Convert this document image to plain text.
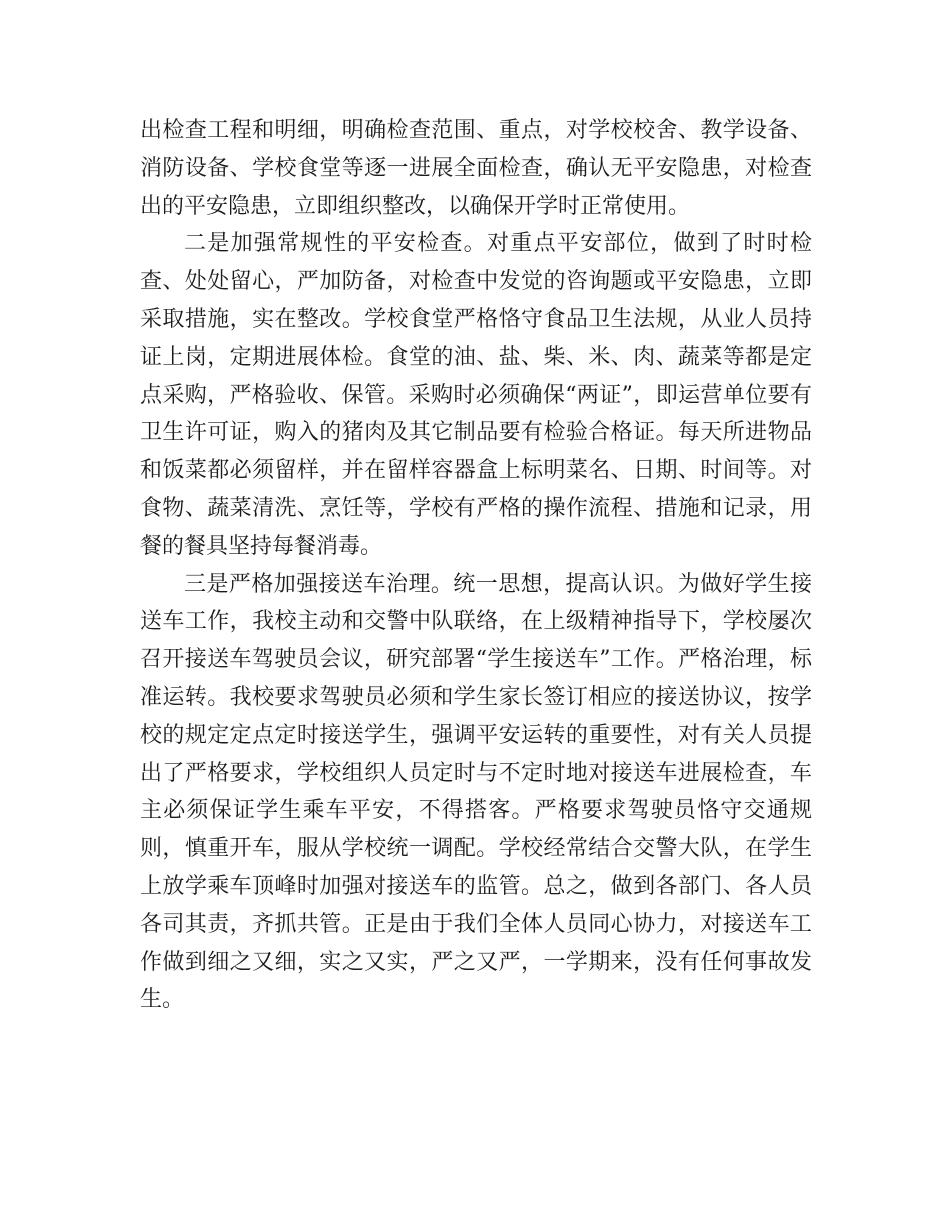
出检查工程和明细，明确检查范围、重点，对学校校舍、教学设备、消防设备、学校食堂等逐一进展全面检查，确认无平安隐患，对检查出的平安隐患，立即组织整改，以确保开学时正常使用。

二是加强常规性的平安检查。对重点平安部位，做到了时时检查、处处留心，严加防备，对检查中发觉的咨询题或平安隐患，立即采取措施，实在整改。学校食堂严格恪守食品卫生法规，从业人员持证上岗，定期进展体检。食堂的油、盐、柴、米、肉、蔬菜等都是定点采购，严格验收、保管。采购时必须确保“两证”，即运营单位要有卫生许可证，购入的猪肉及其它制品要有检验合格证。每天所进物品和饭菜都必须留样，并在留样容器盒上标明菜名、日期、时间等。对食物、蔬菜清洗、烹饪等，学校有严格的操作流程、措施和记录，用餐的餐具坚持每餐消毒。

三是严格加强接送车治理。统一思想，提高认识。为做好学生接送车工作，我校主动和交警中队联络，在上级精神指导下，学校屡次召开接送车驾驶员会议，研究部署“学生接送车”工作。严格治理，标准运转。我校要求驾驶员必须和学生家长签订相应的接送协议，按学校的规定定点定时接送学生，强调平安运转的重要性，对有关人员提出了严格要求，学校组织人员定时与不定时地对接送车进展检查，车主必须保证学生乘车平安，不得搭客。严格要求驾驶员恪守交通规则，慎重开车，服从学校统一调配。学校经常结合交警大队，在学生上放学乘车顶峰时加强对接送车的监管。总之，做到各部门、各人员各司其责，齐抓共管。正是由于我们全体人员同心协力，对接送车工作做到细之又细，实之又实，严之又严，一学期来，没有任何事故发生。
